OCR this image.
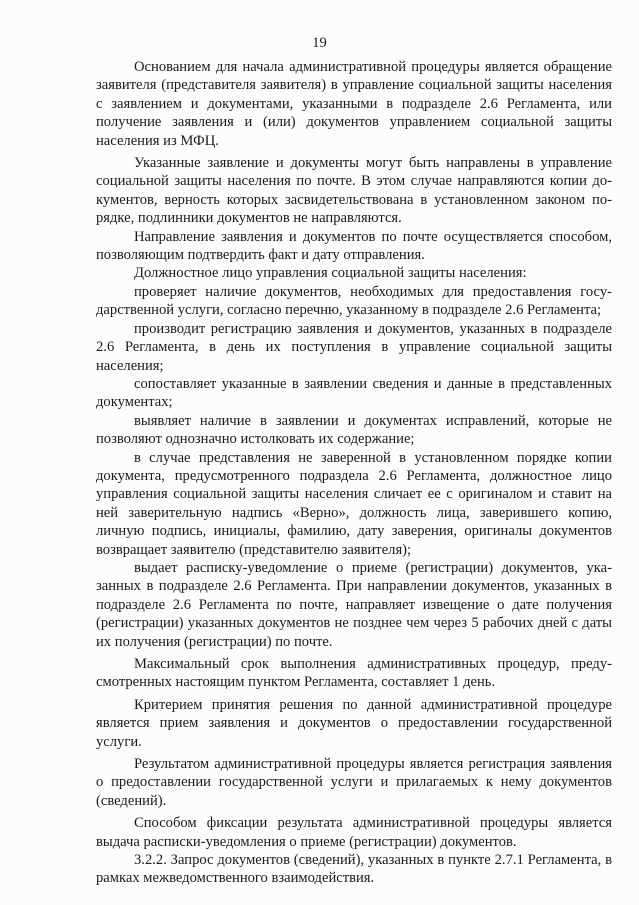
19

Основанием для начала административной процедуры является обращение заявителя (представителя заявителя) в управление социальной защиты населения с заявлением и документами, указанными в подразделе 2.6 Регламента, или получение заявления и (или) документов управлением социальной защиты населения из МФЦ.

Указанные заявление и документы могут быть направлены в управление социальной защиты населения по почте. В этом случае направляются копии документов, верность которых засвидетельствована в установленном законом порядке, подлинники документов не направляются.

Направление заявления и документов по почте осуществляется способом, позволяющим подтвердить факт и дату отправления.

Должностное лицо управления социальной защиты населения:

проверяет наличие документов, необходимых для предоставления государственной услуги, согласно перечню, указанному в подразделе 2.6 Регламента;

производит регистрацию заявления и документов, указанных в подразделе 2.6 Регламента, в день их поступления в управление социальной защиты населения;

сопоставляет указанные в заявлении сведения и данные в представленных документах;

выявляет наличие в заявлении и документах исправлений, которые не позволяют однозначно истолковать их содержание;

в случае представления не заверенной в установленном порядке копии документа, предусмотренного подраздела 2.6 Регламента, должностное лицо управления социальной защиты населения сличает ее с оригиналом и ставит на ней заверительную надпись «Верно», должность лица, заверившего копию, личную подпись, инициалы, фамилию, дату заверения, оригиналы документов возвращает заявителю (представителю заявителя);

выдает расписку-уведомление о приеме (регистрации) документов, указанных в подразделе 2.6 Регламента. При направлении документов, указанных в подразделе 2.6 Регламента по почте, направляет извещение о дате получения (регистрации) указанных документов не позднее чем через 5 рабочих дней с даты их получения (регистрации) по почте.

Максимальный срок выполнения административных процедур, предусмотренных настоящим пунктом Регламента, составляет 1 день.

Критерием принятия решения по данной административной процедуре является прием заявления и документов о предоставлении государственной услуги.

Результатом административной процедуры является регистрация заявления о предоставлении государственной услуги и прилагаемых к нему документов (сведений).

Способом фиксации результата административной процедуры является выдача расписки-уведомления о приеме (регистрации) документов.

3.2.2. Запрос документов (сведений), указанных в пункте 2.7.1 Регламента, в рамках межведомственного взаимодействия.
